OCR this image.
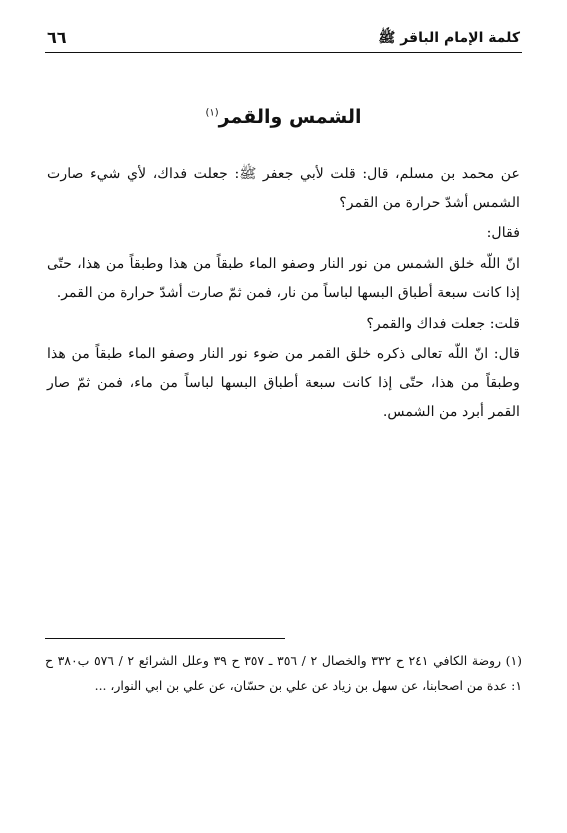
كلمة الإمام الباقر ﷺ
٦٦
الشمس والقمر$^{(١)}$

عن محمد بن مسلم، قال: قلت لأبي جعفر ﷺ: جعلت فداك، لأي شيء صارت الشمس أشدّ حرارة من القمر؟

فقال:

انّ اللّه خلق الشمس من نور النار وصفو الماء طبقاً من هذا وطبقاً من هذا، حتّى إذا كانت سبعة أطباق البسها لباساً من نار، فمن ثمّ صارت أشدّ حرارة من القمر.

قلت: جعلت فداك والقمر؟

قال: انّ اللّه تعالى ذكره خلق القمر من ضوء نور النار وصفو الماء طبقاً من هذا وطبقاً من هذا، حتّى إذا كانت سبعة أطباق البسها لباساً من ماء، فمن ثمّ صار القمر أبرد من الشمس.

(١) روضة الكافي ٢٤١ ح ٣٣٢ والخصال ٢ / ٣٥٦ ـ ٣٥٧ ح ٣٩ وعلل الشرائع ٢ / ٥٧٦ ب٣٨٠ ح ١: عدة من اصحابنا، عن سهل بن زياد عن علي بن حسّان، عن علي بن ابي النوار، ...
